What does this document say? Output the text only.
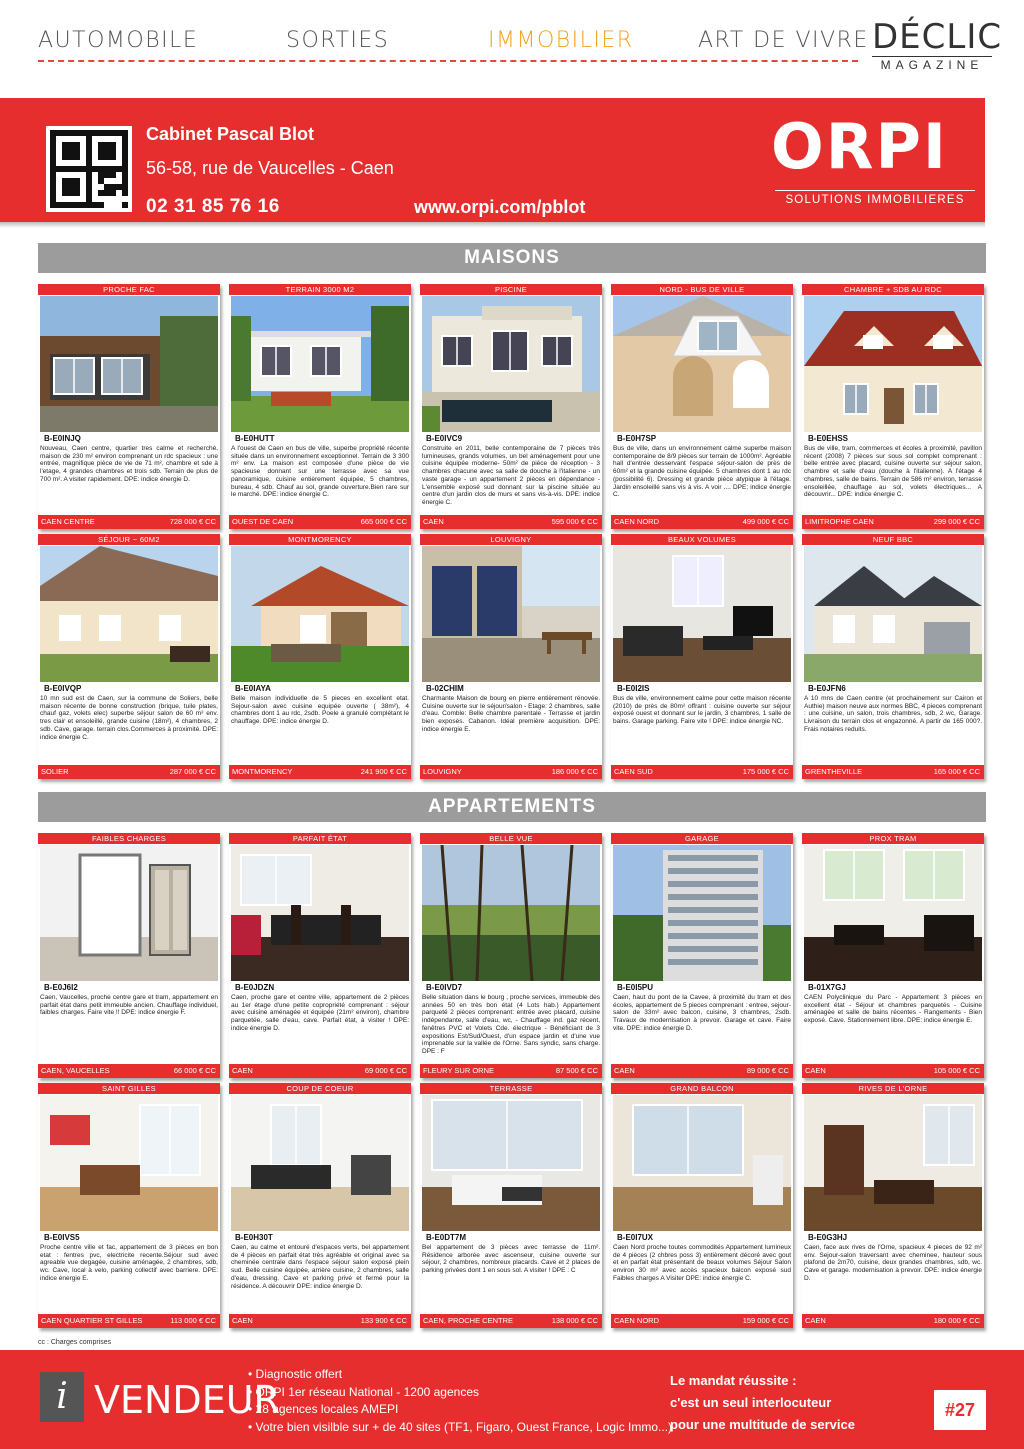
AUTOMOBILE	SORTIES	IMMOBILIER	ART DE VIVRE DÉCLIC
MAGAZINE
Cabinet Pascal Blot
56-58, rue de Vaucelles - Caen
02 31 85 76 16	www.orpi.com/pblot
ORPI
SOLUTIONS IMMOBILIERES
MAISONS
APPARTEMENTS
PROCHE FAC
B-E0INJQ
Nouveau, Caen centre, quartier tres calme et recherché, maison de 230 m² environ comprenant un rdc spacieux : une entrée, magnifique pièce de vie de 71 m², chambre et sde à l'etage, 4 grandes chambres et trois sdb. Terrain de plus de 700 m². A visiter rapidement. DPE: indice énergie D.
CAEN CENTRE	728 000 € CC
TERRAIN 3000 M2
B-E0HUTT
A l'ouest de Caen en bus de ville, superbe propriété récente située dans un environnement exceptionnel. Terrain de 3 300 m² env. La maison est composée d'une pièce de vie spacieuse donnant sur une terrasse avec sa vue panoramique, cuisine entièrement équipée, 5 chambres, bureau, 4 sdb. Chauf au sol, grande ouverture.Bien rare sur le marché. DPE: indice énergie C.
OUEST DE CAEN	665 000 € CC
PISCINE
B-E0IVC9
Construite en 2011, belle contemporaine de 7 pièces très lumineuses, grands volumes, un bel aménagement pour une cuisine équipée moderne- 50m² de pièce de réception - 3 chambres chacune avec sa salle de douche à l'italienne - un vaste garage - un appartement 2 pièces en dépendance - L'ensemble exposé sud donnant sur la piscine située au centre d'un jardin clos de murs et sans vis-à-vis. DPE: indice énergie C.
CAEN	595 000 € CC
NORD - BUS DE VILLE
B-E0H7SP
Bus de ville, dans un environnement calme superbe maison contemporaine de 8/9 pièces sur terrain de 1000m². Agréable hall d'entrée desservant l'espace séjour-salon de près de 60m² et la grande cuisine équipée. 5 chambres dont 1 au rdc (possibilité 6). Dressing et grande pièce atypique à l'étage. Jardin ensoleillé sans vis à vis. A voir .... DPE: indice énergie C.
CAEN NORD	499 000 € CC
CHAMBRE + SDB AU RDC
B-E0EHSS
Bus de ville, tram, commerces et écoles à proximité, pavillon récent (2008) 7 pièces sur sous sol complet comprenant : belle entrée avec placard, cuisine ouverte sur séjour salon, chambre et salle d'eau (douche à l'italienne). A l'étage 4 chambres, salle de bains. Terrain de 586 m² environ, terrasse ensoleillée, chauffage au sol, volets électriques... A découvrir... DPE: indice énergie C.
LIMITROPHE CAEN	299 000 € CC
SÉJOUR ~ 60M2
B-E0IVQP
10 mn sud est de Caen, sur la commune de Soliers, belle maison récente de bonne construction (brique, tuile plates, chauf gaz, volets elec) superbe séjour salon de 60 m² env. tres clair et ensoleillé, grande cuisine (18m²), 4 chambres, 2 sdb. Cave, garage. terrain clos.Commerces à proximité. DPE: indice énergie C.
SOLIER	287 000 € CC
MONTMORENCY
B-E0IAYA
Belle maison individuelle de 5 pieces en excellent etat. Sejour-salon avec cuisine equipée ouverte ( 38m²), 4 chambres dont 1 au rdc, 2sdb. Poele a granulé complétant le chauffage. DPE: indice énergie D.
MONTMORENCY	241 900 € CC
LOUVIGNY
B-02CHIM
Charmante Maison de bourg en pierre entièrement rénovée. Cuisine ouverte sur le séjour/salon - Etage: 2 chambres, salle d'eau. Comble: Belle chambre parentale - Terrasse et jardin bien exposés. Cabanon. Idéal première acquisition. DPE: indice énergie E.
LOUVIGNY	186 000 € CC
BEAUX VOLUMES
B-E0I2IS
Bus de ville, environnement calme pour cette maison récente (2010) de près de 80m² offrant : cuisine ouverte sur séjour exposé ouest et donnant sur le jardin, 3 chambres, 1 salle de bains. Garage parking. Faire vite ! DPE: indice énergie NC.
CAEN SUD	175 000 € CC
NEUF BBC
B-E0JFN6
A 10 mns de Caen centre (et prochainement sur Cairon et Authie) maison neuve aux normes BBC, 4 pieces comprenant : une cuisine, un salon, trois chambres, sdb, 2 wc, Garage. Livraison du terrain clos et engazonné. A partir de 165 000?. Frais notaires reduits.
GRENTHEVILLE	165 000 € CC
FAIBLES CHARGES
B-E0J6I2
Caen, Vaucelles, proche centre gare et tram, appartement en parfait état dans petit immeuble ancien. Chauffage individuel, faibles charges. Faire vite !! DPE: indice énergie F.
CAEN, VAUCELLES	66 000 € CC
PARFAIT ÉTAT
B-E0JDZN
Caen, proche gare et centre ville, appartement de 2 pièces au 1er étage d'une petite copropriété comprenant : séjour avec cuisine aménagée et équipée (21m² environ), chambre parquetée, salle d'eau, cave. Parfait état, à visiter ! DPE: indice énergie D.
CAEN	69 000 € CC
BELLE VUE
B-E0IVD7
Belle situation dans le bourg , proche services, immeuble des années 50 en très bon état (4 Lots hab.) Appartement parqueté 2 pièces comprenant: entrée avec placard, cuisine indépendante, salle d'eau, wc, - Chauffage ind. gaz récent, fenêtres PVC et Volets Cde. électrique - Bénéficiant de 3 expositions Est/Sud/Ouest, d'un espace jardin et d'une vue imprenable sur la vallée de l'Orne. Sans syndic, sans charge. DPE : F
FLEURY SUR ORNE	87 500 € CC
GARAGE
B-E0I5PU
Caen, haut du pont de la Cavee, à proximité du tram et des écoles, appartement de 5 pieces comprenant : entree, sejour-salon de 33m² avec balcon, cuisine, 3 chambres, 2sdb. Travaux de modernisation à prevoir. Garage et cave. Faire vite. DPE: indice énergie D.
CAEN	89 000 € CC
PROX TRAM
B-01X7GJ
CAEN Polyclinique du Parc - Appartement 3 pièces en excellent état - Séjour et chambres parquetés - Cuisine aménagée et salle de bains récentes - Rangements - Bien exposé. Cave. Stationnement libre. DPE: indice énergie E.
CAEN	105 000 € CC
SAINT GILLES
B-E0IVS5
Proche centre ville et fac, appartement de 3 pièces en bon etat : fentres pvc, electricite recente.Séjour sud avec agreable vue degagée, cuisine aménagée, 2 chambres, sdb, wc. Cave, local à velo, parking collectif avec barriere. DPE: indice énergie E.
CAEN QUARTIER ST GILLES	113 000 € CC
COUP DE COEUR
B-E0H30T
Caen, au calme et entouré d'espaces verts, bel appartement de 4 pièces en parfait état très agréable et original avec sa cheminée centrale dans l'espace séjour salon exposé plein sud. Belle cuisine équipée, arrière cuisine, 2 chambres, salle d'eau, dressing. Cave et parking privé et fermé pour la résidence. A découvrir DPE: indice énergie D.
CAEN	133 900 € CC
TERRASSE
B-E0DT7M
Bel appartement de 3 pièces avec terrasse de 11m². Résidence arborée avec ascenseur, cuisine ouverte sur séjour, 2 chambres, nombreux placards. Cave et 2 places de parking privées dont 1 en sous sol. A visiter ! DPE : C
CAEN, PROCHE CENTRE	138 000 € CC
GRAND BALCON
B-E0I7UX
Caen Nord proche toutes commodités Appartement lumineux de 4 pièces (2 chbres poss 3) entièrement décoré avec gout et en parfait état présentant de beaux volumes Séjour Salon environ 30 m² avec accès spacieux balcon exposé sud Faibles charges A Visiter DPE: indice énergie C.
CAEN NORD	159 000 € CC
RIVES DE L'ORNE
B-E0G3HJ
Caen, face aux rives de l'Orne, spacieux 4 pieces de 92 m² env. Sejour-salon traversant avec cheminee, hauteur sous plafond de 2m70, cuisine, deux grandes chambres, sdb, wc. Cave et garage. modernisation à prevoir. DPE: indice énergie D.
CAEN	180 000 € CC
cc : Charges comprises
i VENDEUR
• Diagnostic offert
• ORPI 1er réseau National - 1200 agences
• 28 agences locales AMEPI
• Votre bien visilble sur + de 40 sites (TF1, Figaro, Ouest France, Logic Immo...)
Le mandat réussite :
c'est un seul interlocuteur
pour une multitude de service
#27
